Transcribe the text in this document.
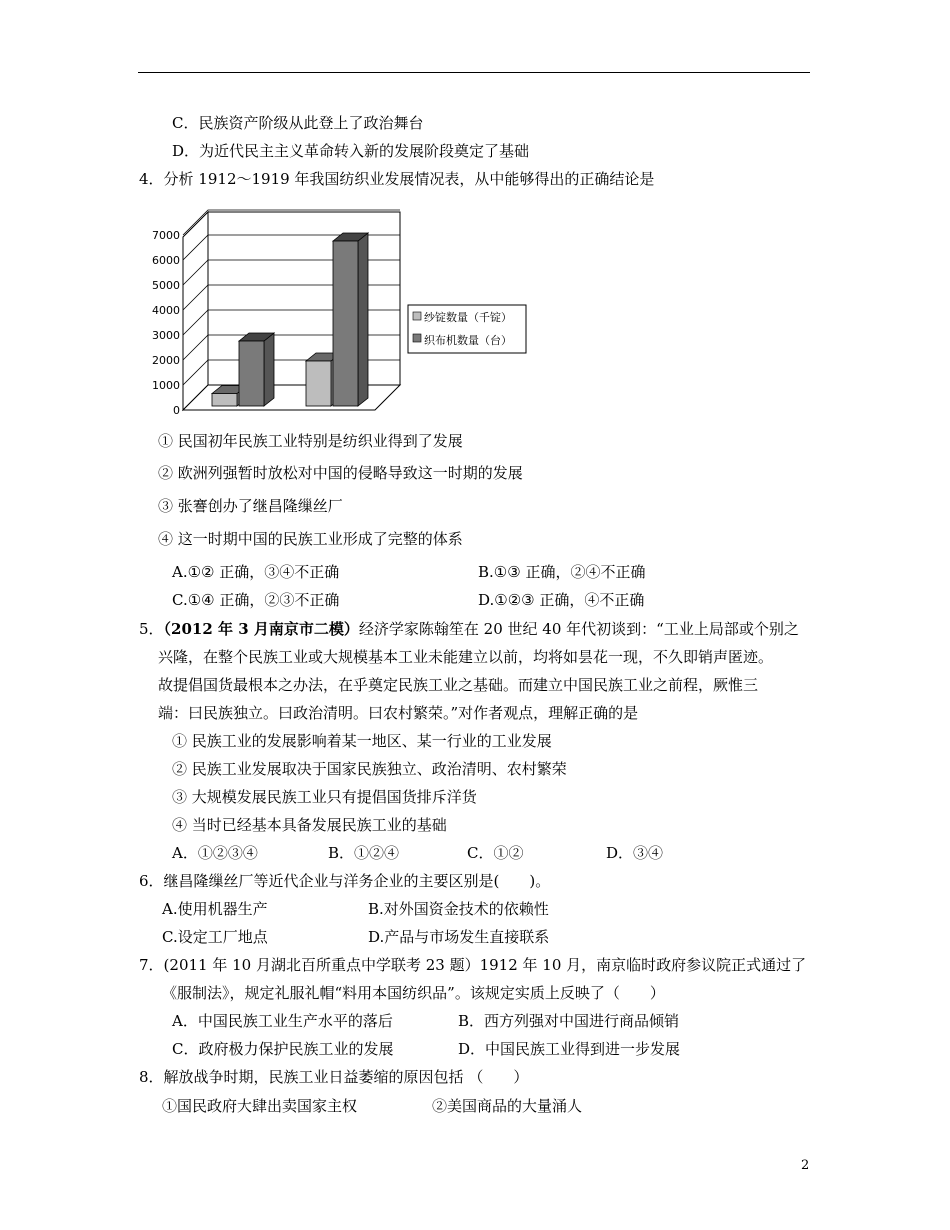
C．民族资产阶级从此登上了政治舞台
D．为近代民主主义革命转入新的发展阶段奠定了基础
4．分析 1912～1919 年我国纺织业发展情况表，从中能够得出的正确结论是
7000
6000
5000
4000
3000
2000
1000
0
纱锭数量（千锭）
织布机数量（台）
① 民国初年民族工业特别是纺织业得到了发展
② 欧洲列强暂时放松对中国的侵略导致这一时期的发展
③ 张謇创办了继昌隆缫丝厂
④ 这一时期中国的民族工业形成了完整的体系
A.①② 正确，③④不正确	B.①③ 正确，②④不正确
C.①④ 正确，②③不正确	D.①②③ 正确，④不正确
5．（2012 年 3 月南京市二模）经济学家陈翰笙在 20 世纪 40 年代初谈到：“工业上局部或个别之
兴隆，在整个民族工业或大规模基本工业未能建立以前，均将如昙花一现，不久即销声匿迹。
故提倡国货最根本之办法，在乎奠定民族工业之基础。而建立中国民族工业之前程，厥惟三
端：曰民族独立。曰政治清明。曰农村繁荣。”对作者观点，理解正确的是
① 民族工业的发展影响着某一地区、某一行业的工业发展
② 民族工业发展取决于国家民族独立、政治清明、农村繁荣
③ 大规模发展民族工业只有提倡国货排斥洋货
④ 当时已经基本具备发展民族工业的基础
A．①②③④	B．①②④	C．①②	D．③④
6．继昌隆缫丝厂等近代企业与洋务企业的主要区别是(　　)。
A.使用机器生产	B.对外国资金技术的依赖性
C.设定工厂地点	D.产品与市场发生直接联系
7．(2011 年 10 月湖北百所重点中学联考 23 题）1912 年 10 月，南京临时政府参议院正式通过了
《服制法》，规定礼服礼帽“料用本国纺织品”。该规定实质上反映了（　　）
A．中国民族工业生产水平的落后	B．西方列强对中国进行商品倾销
C．政府极力保护民族工业的发展	D．中国民族工业得到进一步发展
8．解放战争时期，民族工业日益萎缩的原因包括 （　　）
①国民政府大肆出卖国家主权	②美国商品的大量涌人
2
